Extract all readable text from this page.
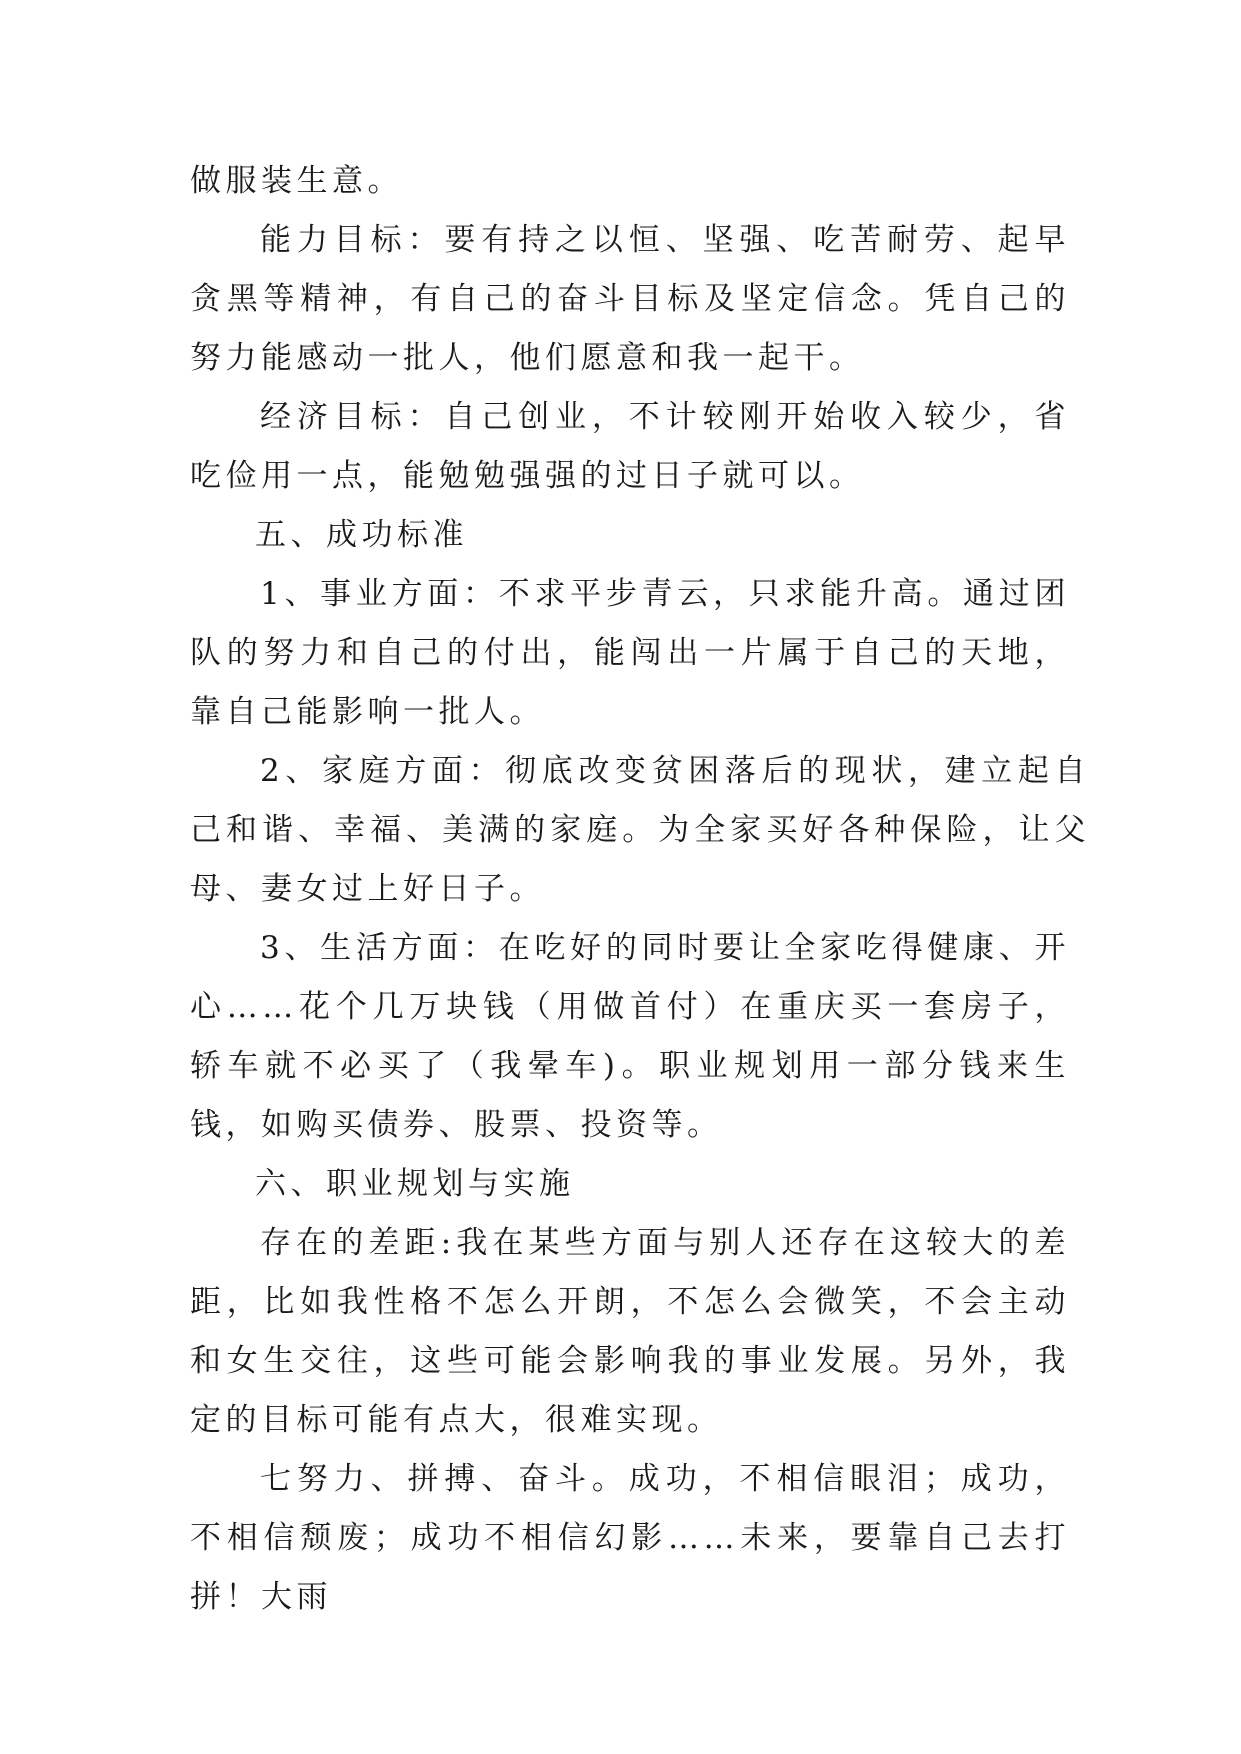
做服装生意。

能力目标：要有持之以恒、坚强、吃苦耐劳、起早贪黑等精神，有自己的奋斗目标及坚定信念。凭自己的努力能感动一批人，他们愿意和我一起干。

经济目标：自己创业，不计较刚开始收入较少，省吃俭用一点，能勉勉强强的过日子就可以。

五、成功标准

1、事业方面：不求平步青云，只求能升高。通过团队的努力和自己的付出，能闯出一片属于自己的天地，靠自己能影响一批人。

2、家庭方面：彻底改变贫困落后的现状，建立起自己和谐、幸福、美满的家庭。为全家买好各种保险，让父母、妻女过上好日子。

3、生活方面：在吃好的同时要让全家吃得健康、开心……花个几万块钱（用做首付）在重庆买一套房子，轿车就不必买了（我晕车)。职业规划用一部分钱来生钱，如购买债券、股票、投资等。

六、职业规划与实施

存在的差距:我在某些方面与别人还存在这较大的差距，比如我性格不怎么开朗，不怎么会微笑，不会主动和女生交往，这些可能会影响我的事业发展。另外，我定的目标可能有点大，很难实现。

七努力、拼搏、奋斗。成功，不相信眼泪；成功，不相信颓废；成功不相信幻影……未来，要靠自己去打拼！大雨
